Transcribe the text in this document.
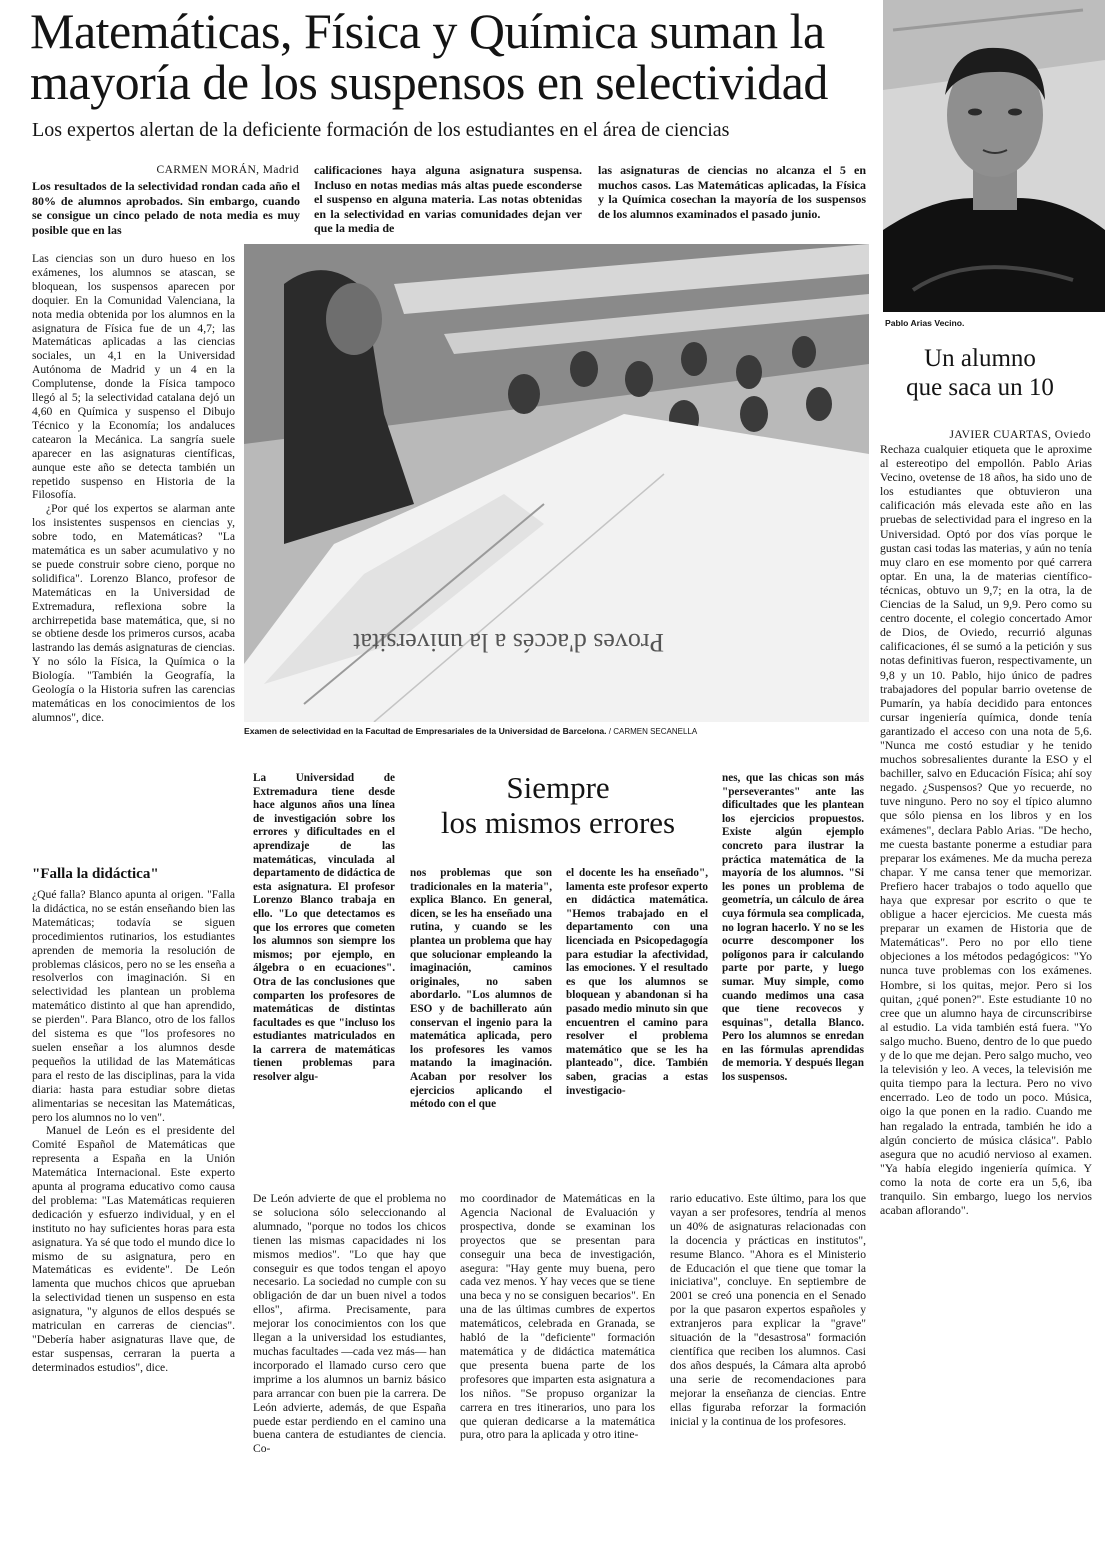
Matemáticas, Física y Química suman la
mayoría de los suspensos en selectividad
Los expertos alertan de la deficiente formación de los estudiantes en el área de ciencias
CARMEN MORÁN, Madrid

Los resultados de la selectividad rondan cada año el 80% de alumnos aprobados. Sin embargo, cuando se consigue un cinco pelado de nota media es muy posible que en las

calificaciones haya alguna asignatura suspensa. Incluso en notas medias más altas puede esconderse el suspenso en alguna materia. Las notas obtenidas en la selectividad en varias comunidades dejan ver que la media de

las asignaturas de ciencias no alcanza el 5 en muchos casos. Las Matemáticas aplicadas, la Física y la Química cosechan la mayoría de los suspensos de los alumnos examinados el pasado junio.

Proves d'accés a la universitat
Examen de selectividad en la Facultad de Empresariales de la Universidad de Barcelona. / CARMEN SECANELLA

Las ciencias son un duro hueso en los exámenes, los alumnos se atascan, se bloquean, los suspensos aparecen por doquier. En la Comunidad Valenciana, la nota media obtenida por los alumnos en la asignatura de Física fue de un 4,7; las Matemáticas aplicadas a las ciencias sociales, un 4,1 en la Universidad Autónoma de Madrid y un 4 en la Complutense, donde la Física tampoco llegó al 5; la selectividad catalana dejó un 4,60 en Química y suspenso el Dibujo Técnico y la Economía; los andaluces catearon la Mecánica. La sangría suele aparecer en las asignaturas científicas, aunque este año se detecta también un repetido suspenso en Historia de la Filosofía.

¿Por qué los expertos se alarman ante los insistentes suspensos en ciencias y, sobre todo, en Matemáticas? "La matemática es un saber acumulativo y no se puede construir sobre cieno, porque no solidifica". Lorenzo Blanco, profesor de Matemáticas en la Universidad de Extremadura, reflexiona sobre la archirrepetida base matemática, que, si no se obtiene desde los primeros cursos, acaba lastrando las demás asignaturas de ciencias. Y no sólo la Física, la Química o la Biología. "También la Geografía, la Geología o la Historia sufren las carencias matemáticas en los conocimientos de los alumnos", dice.

"Falla la didáctica"

¿Qué falla? Blanco apunta al origen. "Falla la didáctica, no se están enseñando bien las Matemáticas; todavía se siguen procedimientos rutinarios, los estudiantes aprenden de memoria la resolución de problemas clásicos, pero no se les enseña a resolverlos con imaginación. Si en selectividad les plantean un problema matemático distinto al que han aprendido, se pierden". Para Blanco, otro de los fallos del sistema es que "los profesores no suelen enseñar a los alumnos desde pequeños la utilidad de las Matemáticas para el resto de las disciplinas, para la vida diaria: hasta para estudiar sobre dietas alimentarias se necesitan las Matemáticas, pero los alumnos no lo ven".

Manuel de León es el presidente del Comité Español de Matemáticas que representa a España en la Unión Matemática Internacional. Este experto apunta al programa educativo como causa del problema: "Las Matemáticas requieren dedicación y esfuerzo individual, y en el instituto no hay suficientes horas para esta asignatura. Ya sé que todo el mundo dice lo mismo de su asignatura, pero en Matemáticas es evidente". De León lamenta que muchos chicos que aprueban la selectividad tienen un suspenso en esta asignatura, "y algunos de ellos después se matriculan en carreras de ciencias". "Debería haber asignaturas llave que, de estar suspensas, cerraran la puerta a determinados estudios", dice.

Siempre
los mismos errores
La Universidad de Extremadura tiene desde hace algunos años una línea de investigación sobre los errores y dificultades en el aprendizaje de las matemáticas, vinculada al departamento de didáctica de esta asignatura. El profesor Lorenzo Blanco trabaja en ello. "Lo que detectamos es que los errores que cometen los alumnos son siempre los mismos; por ejemplo, en álgebra o en ecuaciones". Otra de las conclusiones que comparten los profesores de matemáticas de distintas facultades es que "incluso los estudiantes matriculados en la carrera de matemáticas tienen problemas para resolver algu-
nos problemas que son tradicionales en la materia", explica Blanco. En general, dicen, se les ha enseñado una rutina, y cuando se les plantea un problema que hay que solucionar empleando la imaginación, caminos originales, no saben abordarlo. "Los alumnos de ESO y de bachillerato aún conservan el ingenio para la matemática aplicada, pero los profesores les vamos matando la imaginación. Acaban por resolver los ejercicios aplicando el método con el que
el docente les ha enseñado", lamenta este profesor experto en didáctica matemática. "Hemos trabajado en el departamento con una licenciada en Psicopedagogía para estudiar la afectividad, las emociones. Y el resultado es que los alumnos se bloquean y abandonan si ha pasado medio minuto sin que encuentren el camino para resolver el problema matemático que se les ha planteado", dice. También saben, gracias a estas investigacio-
nes, que las chicas son más "perseverantes" ante las dificultades que les plantean los ejercicios propuestos. Existe algún ejemplo concreto para ilustrar la práctica matemática de la mayoría de los alumnos. "Si les pones un problema de geometría, un cálculo de área cuya fórmula sea complicada, no logran hacerlo. Y no se les ocurre descomponer los polígonos para ir calculando parte por parte, y luego sumar. Muy simple, como cuando medimos una casa que tiene recovecos y esquinas", detalla Blanco. Pero los alumnos se enredan en las fórmulas aprendidas de memoria. Y después llegan los suspensos.
De León advierte de que el problema no se soluciona sólo seleccionando al alumnado, "porque no todos los chicos tienen las mismas capacidades ni los mismos medios". "Lo que hay que conseguir es que todos tengan el apoyo necesario. La sociedad no cumple con su obligación de dar un buen nivel a todos ellos", afirma. Precisamente, para mejorar los conocimientos con los que llegan a la universidad los estudiantes, muchas facultades —cada vez más— han incorporado el llamado curso cero que imprime a los alumnos un barniz básico para arrancar con buen pie la carrera. De León advierte, además, de que España puede estar perdiendo en el camino una buena cantera de estudiantes de ciencia. Co-
mo coordinador de Matemáticas en la Agencia Nacional de Evaluación y prospectiva, donde se examinan los proyectos que se presentan para conseguir una beca de investigación, asegura: "Hay gente muy buena, pero cada vez menos. Y hay veces que se tiene una beca y no se consiguen becarios". En una de las últimas cumbres de expertos matemáticos, celebrada en Granada, se habló de la "deficiente" formación matemática y de didáctica matemática que presenta buena parte de los profesores que imparten esta asignatura a los niños. "Se propuso organizar la carrera en tres itinerarios, uno para los que quieran dedicarse a la matemática pura, otro para la aplicada y otro itine-
rario educativo. Este último, para los que vayan a ser profesores, tendría al menos un 40% de asignaturas relacionadas con la docencia y prácticas en institutos", resume Blanco. "Ahora es el Ministerio de Educación el que tiene que tomar la iniciativa", concluye. En septiembre de 2001 se creó una ponencia en el Senado por la que pasaron expertos españoles y extranjeros para explicar la "grave" situación de la "desastrosa" formación científica que reciben los alumnos. Casi dos años después, la Cámara alta aprobó una serie de recomendaciones para mejorar la enseñanza de ciencias. Entre ellas figuraba reforzar la formación inicial y la continua de los profesores.
Pablo Arias Vecino.
Un alumno
que saca un 10
JAVIER CUARTAS, Oviedo
Rechaza cualquier etiqueta que le aproxime al estereotipo del empollón. Pablo Arias Vecino, ovetense de 18 años, ha sido uno de los estudiantes que obtuvieron una calificación más elevada este año en las pruebas de selectividad para el ingreso en la Universidad. Optó por dos vías porque le gustan casi todas las materias, y aún no tenía muy claro en ese momento por qué carrera optar. En una, la de materias científico-técnicas, obtuvo un 9,7; en la otra, la de Ciencias de la Salud, un 9,9. Pero como su centro docente, el colegio concertado Amor de Dios, de Oviedo, recurrió algunas calificaciones, él se sumó a la petición y sus notas definitivas fueron, respectivamente, un 9,8 y un 10. Pablo, hijo único de padres trabajadores del popular barrio ovetense de Pumarín, ya había decidido para entonces cursar ingeniería química, donde tenía garantizado el acceso con una nota de 5,6. "Nunca me costó estudiar y he tenido muchos sobresalientes durante la ESO y el bachiller, salvo en Educación Física; ahí soy negado. ¿Suspensos? Que yo recuerde, no tuve ninguno. Pero no soy el típico alumno que sólo piensa en los libros y en los exámenes", declara Pablo Arias. "De hecho, me cuesta bastante ponerme a estudiar para preparar los exámenes. Me da mucha pereza chapar. Y me cansa tener que memorizar. Prefiero hacer trabajos o todo aquello que haya que expresar por escrito o que te obligue a hacer ejercicios. Me cuesta más preparar un examen de Historia que de Matemáticas". Pero no por ello tiene objeciones a los métodos pedagógicos: "Yo nunca tuve problemas con los exámenes. Hombre, si los quitas, mejor. Pero si los quitan, ¿qué ponen?". Este estudiante 10 no cree que un alumno haya de circunscribirse al estudio. La vida también está fuera. "Yo salgo mucho. Bueno, dentro de lo que puedo y de lo que me dejan. Pero salgo mucho, veo la televisión y leo. A veces, la televisión me quita tiempo para la lectura. Pero no vivo encerrado. Leo de todo un poco. Música, oigo la que ponen en la radio. Cuando me han regalado la entrada, también he ido a algún concierto de música clásica". Pablo asegura que no acudió nervioso al examen. "Ya había elegido ingeniería química. Y como la nota de corte era un 5,6, iba tranquilo. Sin embargo, luego los nervios acaban aflorando".
